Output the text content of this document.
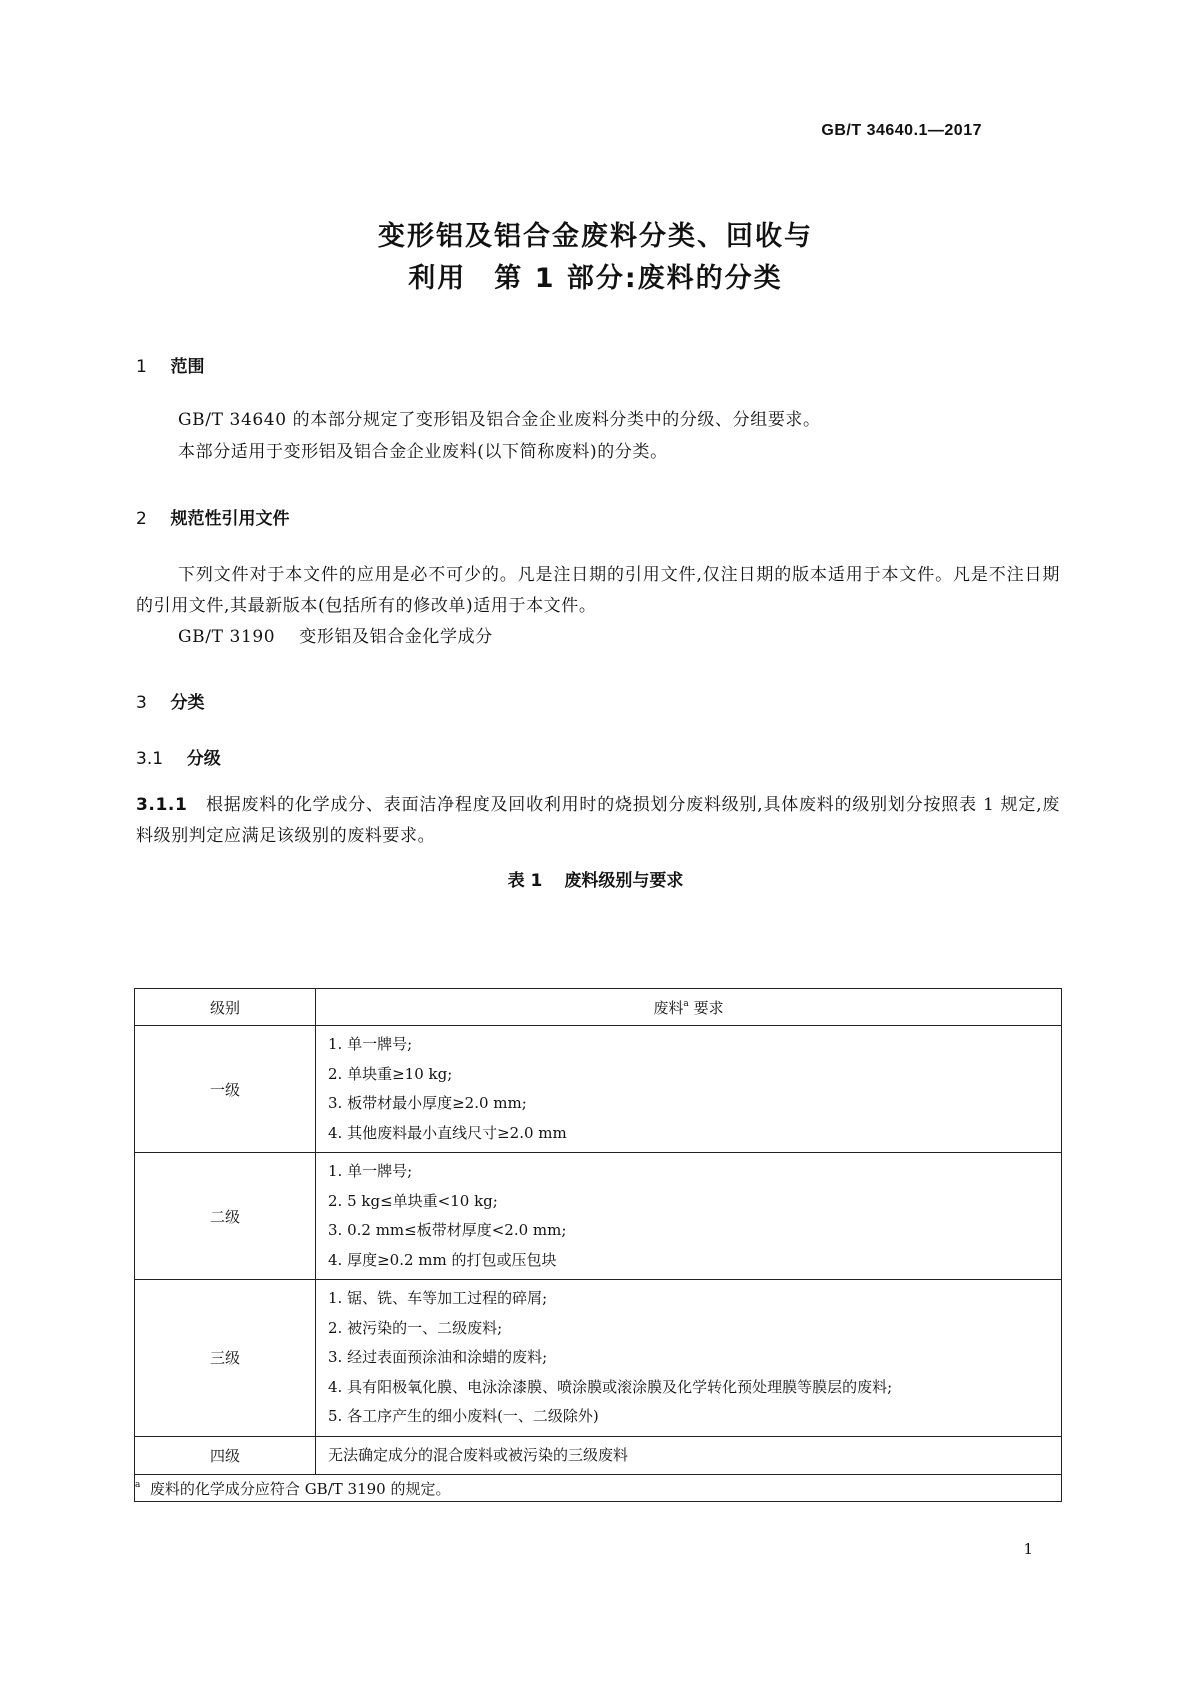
GB/T 34640.1—2017
变形铝及铝合金废料分类、回收与
利用 第 1 部分:废料的分类
1 范围
GB/T 34640 的本部分规定了变形铝及铝合金企业废料分类中的分级、分组要求。
本部分适用于变形铝及铝合金企业废料(以下简称废料)的分类。
2 规范性引用文件
下列文件对于本文件的应用是必不可少的。凡是注日期的引用文件,仅注日期的版本适用于本文件。凡是不注日期的引用文件,其最新版本(包括所有的修改单)适用于本文件。
GB/T 3190 变形铝及铝合金化学成分
3 分类
3.1 分级
3.1.1 根据废料的化学成分、表面洁净程度及回收利用时的烧损划分废料级别,具体废料的级别划分按照表 1 规定,废料级别判定应满足该级别的废料要求。
表 1 废料级别与要求
级别	废料$^a$ 要求
一级	1. 单一牌号;
2. 单块重≥10 kg;
3. 板带材最小厚度≥2.0 mm;
4. 其他废料最小直线尺寸≥2.0 mm

二级	1. 单一牌号;
2. 5 kg≤单块重<10 kg;
3. 0.2 mm≤板带材厚度<2.0 mm;
4. 厚度≥0.2 mm 的打包或压包块

三级	1. 锯、铣、车等加工过程的碎屑;
2. 被污染的一、二级废料;
3. 经过表面预涂油和涂蜡的废料;
4. 具有阳极氧化膜、电泳涂漆膜、喷涂膜或滚涂膜及化学转化预处理膜等膜层的废料;
5. 各工序产生的细小废料(一、二级除外)

四级	无法确定成分的混合废料或被污染的三级废料

$^a$ 废料的化学成分应符合 GB/T 3190 的规定。	
1
